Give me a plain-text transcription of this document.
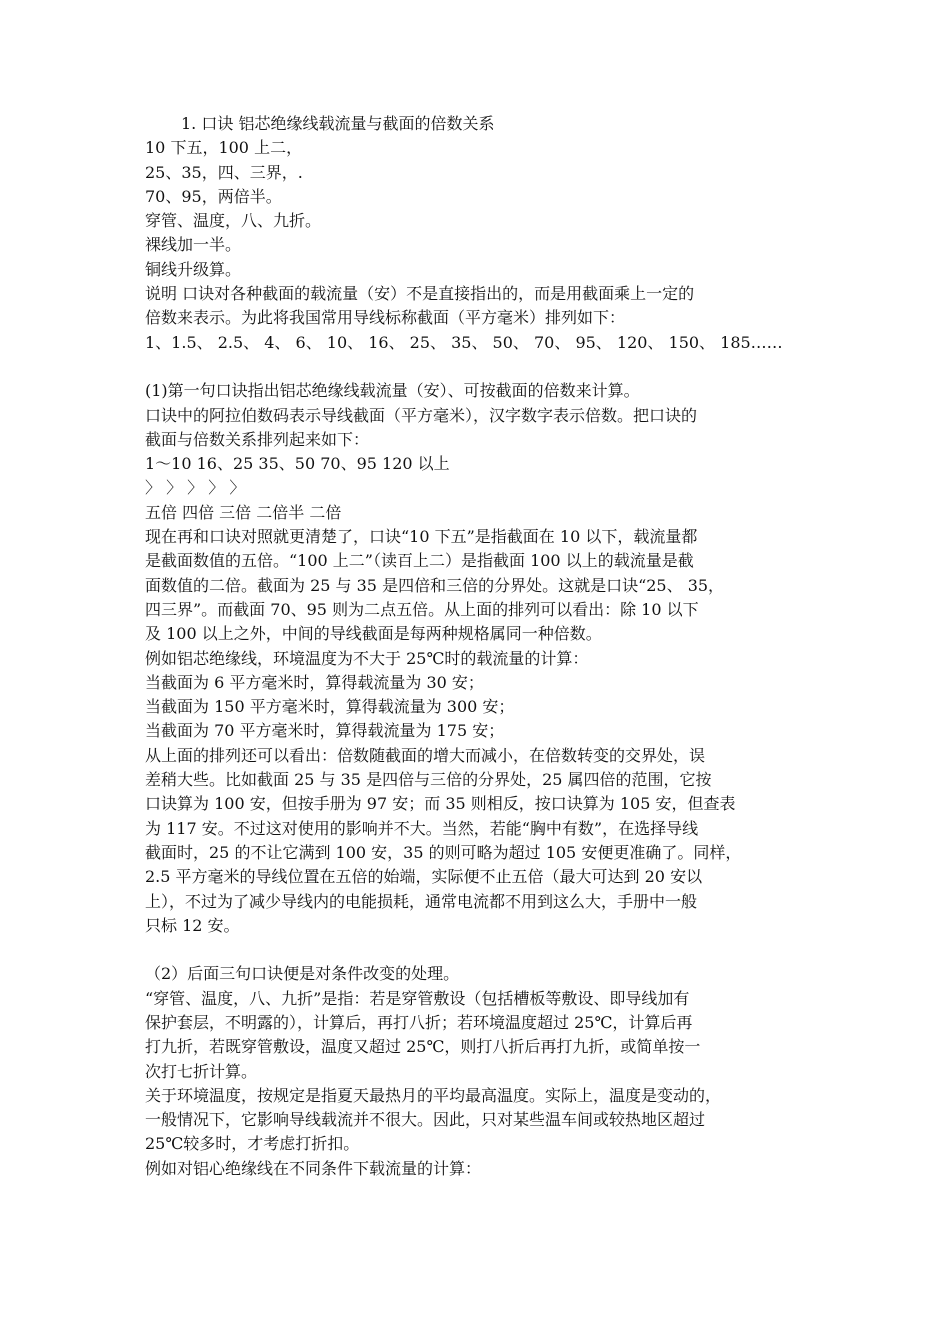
1. 口诀 铝芯绝缘线载流量与截面的倍数关系
10 下五，100 上二，
25、35，四、三界，.
70、95，两倍半。
穿管、温度，八、九折。
裸线加一半。
铜线升级算。
说明 口诀对各种截面的载流量（安）不是直接指出的，而是用截面乘上一定的
倍数来表示。为此将我国常用导线标称截面（平方毫米）排列如下：
1、1.5、 2.5、 4、 6、 10、 16、 25、 35、 50、 70、 95、 120、 150、 185……
(1)第一句口诀指出铝芯绝缘线载流量（安）、可按截面的倍数来计算。
口诀中的阿拉伯数码表示导线截面（平方毫米），汉字数字表示倍数。把口诀的
截面与倍数关系排列起来如下：
1～10 16、25 35、50 70、95 120 以上
〉 〉 〉 〉 〉
五倍 四倍 三倍 二倍半 二倍
现在再和口诀对照就更清楚了，口诀“10 下五”是指截面在 10 以下，载流量都
是截面数值的五倍。“100 上二”（读百上二）是指截面 100 以上的载流量是截
面数值的二倍。截面为 25 与 35 是四倍和三倍的分界处。这就是口诀“25、 35，
四三界”。而截面 70、95 则为二点五倍。从上面的排列可以看出：除 10 以下
及 100 以上之外，中间的导线截面是每两种规格属同一种倍数。
例如铝芯绝缘线，环境温度为不大于 25℃时的载流量的计算：
当截面为 6 平方毫米时，算得载流量为 30 安；
当截面为 150 平方毫米时，算得载流量为 300 安；
当截面为 70 平方毫米时，算得载流量为 175 安；
从上面的排列还可以看出：倍数随截面的增大而减小，在倍数转变的交界处，误
差稍大些。比如截面 25 与 35 是四倍与三倍的分界处，25 属四倍的范围，它按
口诀算为 100 安，但按手册为 97 安；而 35 则相反，按口诀算为 105 安，但查表
为 117 安。不过这对使用的影响并不大。当然，若能“胸中有数”，在选择导线
截面时，25 的不让它满到 100 安，35 的则可略为超过 105 安便更准确了。同样，
2.5 平方毫米的导线位置在五倍的始端，实际便不止五倍（最大可达到 20 安以
上），不过为了减少导线内的电能损耗，通常电流都不用到这么大，手册中一般
只标 12 安。
（2）后面三句口诀便是对条件改变的处理。
“穿管、温度，八、九折”是指：若是穿管敷设（包括槽板等敷设、即导线加有
保护套层，不明露的），计算后，再打八折；若环境温度超过 25℃，计算后再
打九折，若既穿管敷设，温度又超过 25℃，则打八折后再打九折，或简单按一
次打七折计算。
关于环境温度，按规定是指夏天最热月的平均最高温度。实际上，温度是变动的，
一般情况下，它影响导线载流并不很大。因此，只对某些温车间或较热地区超过
25℃较多时，才考虑打折扣。
例如对铝心绝缘线在不同条件下载流量的计算：
